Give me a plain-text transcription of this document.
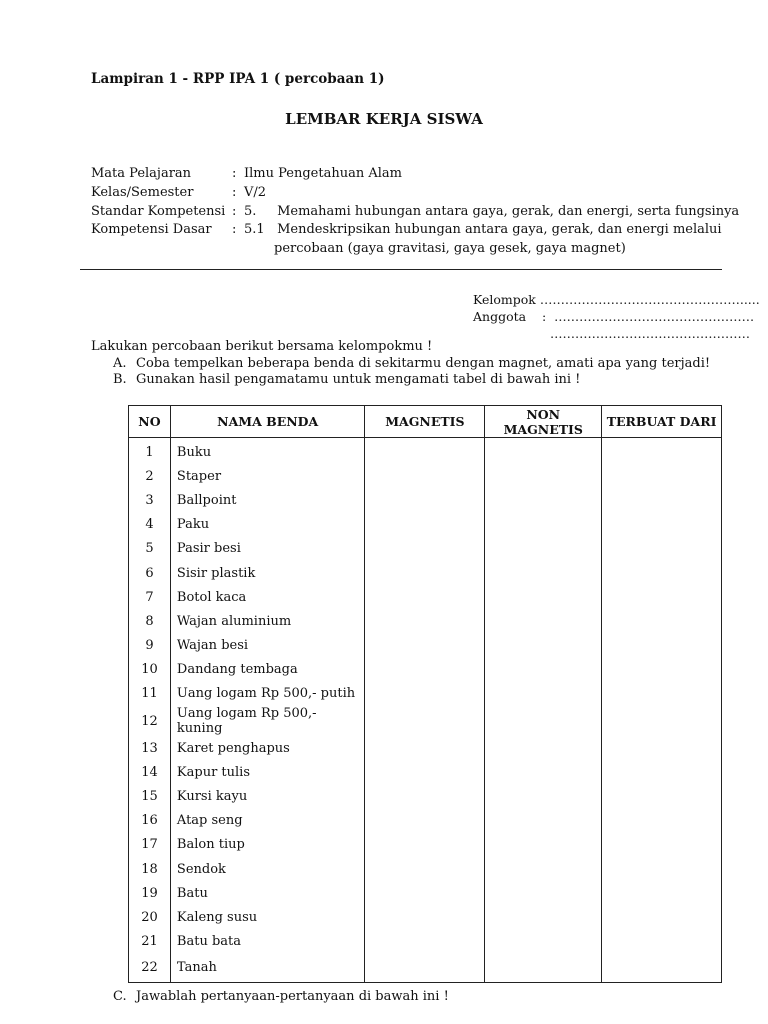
Lampiran 1 - RPP IPA 1 ( percobaan 1)
LEMBAR KERJA SISWA
Mata Pelajaran	: Ilmu Pengetahuan Alam
Kelas/Semester	: V/2
Standar Kompetensi : 5.     Memahami hubungan antara gaya, gerak, dan energi, serta fungsinya
Kompetensi Dasar : 5.1   Mendeskripsikan hubungan antara gaya, gerak, dan energi melalui
percobaan (gaya gravitasi, gaya gesek, gaya magnet)
Kelompok ………………………………………….....
Anggota    :  …………………………………………
…………………………………………
Lakukan percobaan berikut bersama kelompokmu !
A. Coba tempelkan beberapa benda di sekitarmu dengan magnet, amati apa yang terjadi!
B. Gunakan hasil pengamatamu untuk mengamati tabel di bawah ini !
NO	NAMA BENDA	MAGNETIS	NON MAGNETIS	TERBUAT DARI
1	Buku			
2	Staper			
3	Ballpoint			
4	Paku			
5	Pasir besi			
6	Sisir plastik			
7	Botol kaca			
8	Wajan aluminium			
9	Wajan besi			
10	Dandang tembaga			
11	Uang logam Rp 500,- putih			
12	Uang logam Rp 500,- kuning			
13	Karet penghapus			
14	Kapur tulis			
15	Kursi kayu			
16	Atap seng			
17	Balon tiup			
18	Sendok			
19	Batu			
20	Kaleng susu			
21	Batu bata			
22	Tanah			
C. Jawablah pertanyaan-pertanyaan di bawah ini !
